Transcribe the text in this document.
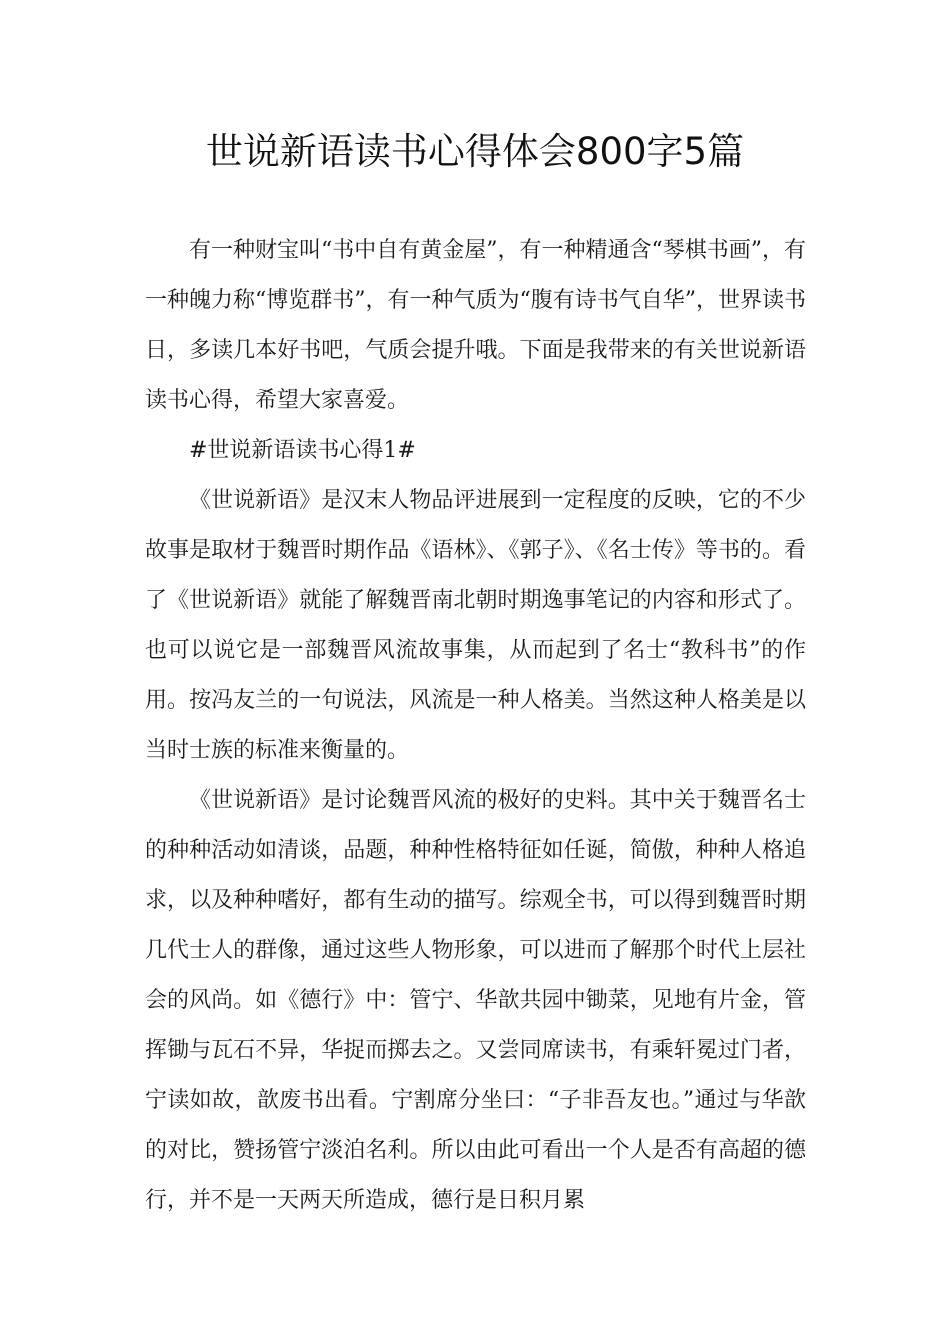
世说新语读书心得体会800字5篇

有一种财宝叫“书中自有黄金屋”，有一种精通含“琴棋书画”，有一种魄力称“博览群书”，有一种气质为“腹有诗书气自华”，世界读书日，多读几本好书吧，气质会提升哦。下面是我带来的有关世说新语读书心得，希望大家喜爱。

#世说新语读书心得1#

《世说新语》是汉末人物品评进展到一定程度的反映，它的不少故事是取材于魏晋时期作品《语林》、《郭子》、《名士传》等书的。看了《世说新语》就能了解魏晋南北朝时期逸事笔记的内容和形式了。也可以说它是一部魏晋风流故事集，从而起到了名士“教科书”的作用。按冯友兰的一句说法，风流是一种人格美。当然这种人格美是以当时士族的标准来衡量的。

《世说新语》是讨论魏晋风流的极好的史料。其中关于魏晋名士的种种活动如清谈，品题，种种性格特征如任诞，简傲，种种人格追求，以及种种嗜好，都有生动的描写。综观全书，可以得到魏晋时期几代士人的群像，通过这些人物形象，可以进而了解那个时代上层社会的风尚。如《德行》中：管宁、华歆共园中锄菜，见地有片金，管挥锄与瓦石不异，华捉而掷去之。又尝同席读书，有乘轩冕过门者，宁读如故，歆废书出看。宁割席分坐曰：“子非吾友也。”通过与华歆的对比，赞扬管宁淡泊名利。所以由此可看出一个人是否有高超的德行，并不是一天两天所造成，德行是日积月累
